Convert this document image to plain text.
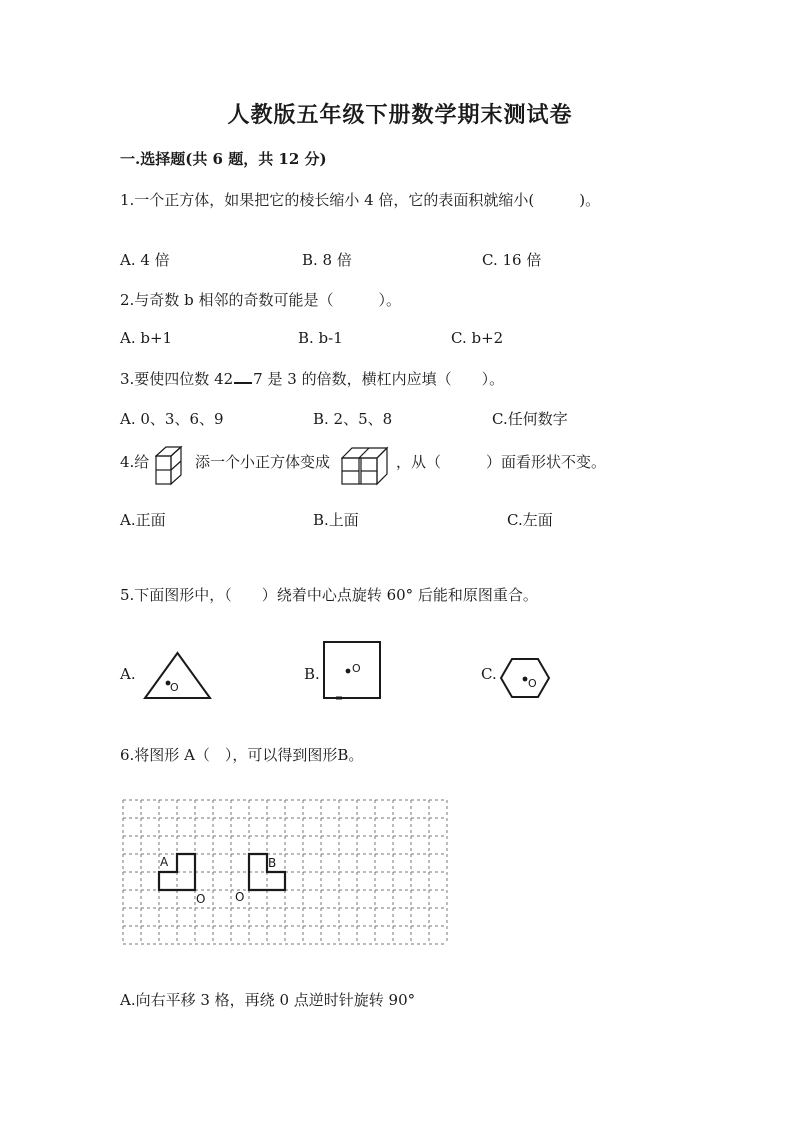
人教版五年级下册数学期末测试卷
一.选择题(共 6 题，共 12 分)
1.一个正方体，如果把它的棱长缩小 4 倍，它的表面积就缩小(　　　)。
A. 4 倍	B. 8 倍	C. 16 倍
2.与奇数 b 相邻的奇数可能是（　　　）。
A. b+1	B. b-1	C. b+2
3.要使四位数 42 7 是 3 的倍数，横杠内应填（　　）。
A. 0、3、6、9	B. 2、5、8	C.任何数字
4.给	添一个小正方体变成	，从（　　　）面看形状不变。
A.正面	B.上面	C.左面
5.下面图形中，（　　）绕着中心点旋转 60° 后能和原图重合。
A.
O
B.	O	C.
O
6.将图形 A（　），可以得到图形B。
A	B
O O
A.向右平移 3 格，再绕 0 点逆时针旋转 90°
